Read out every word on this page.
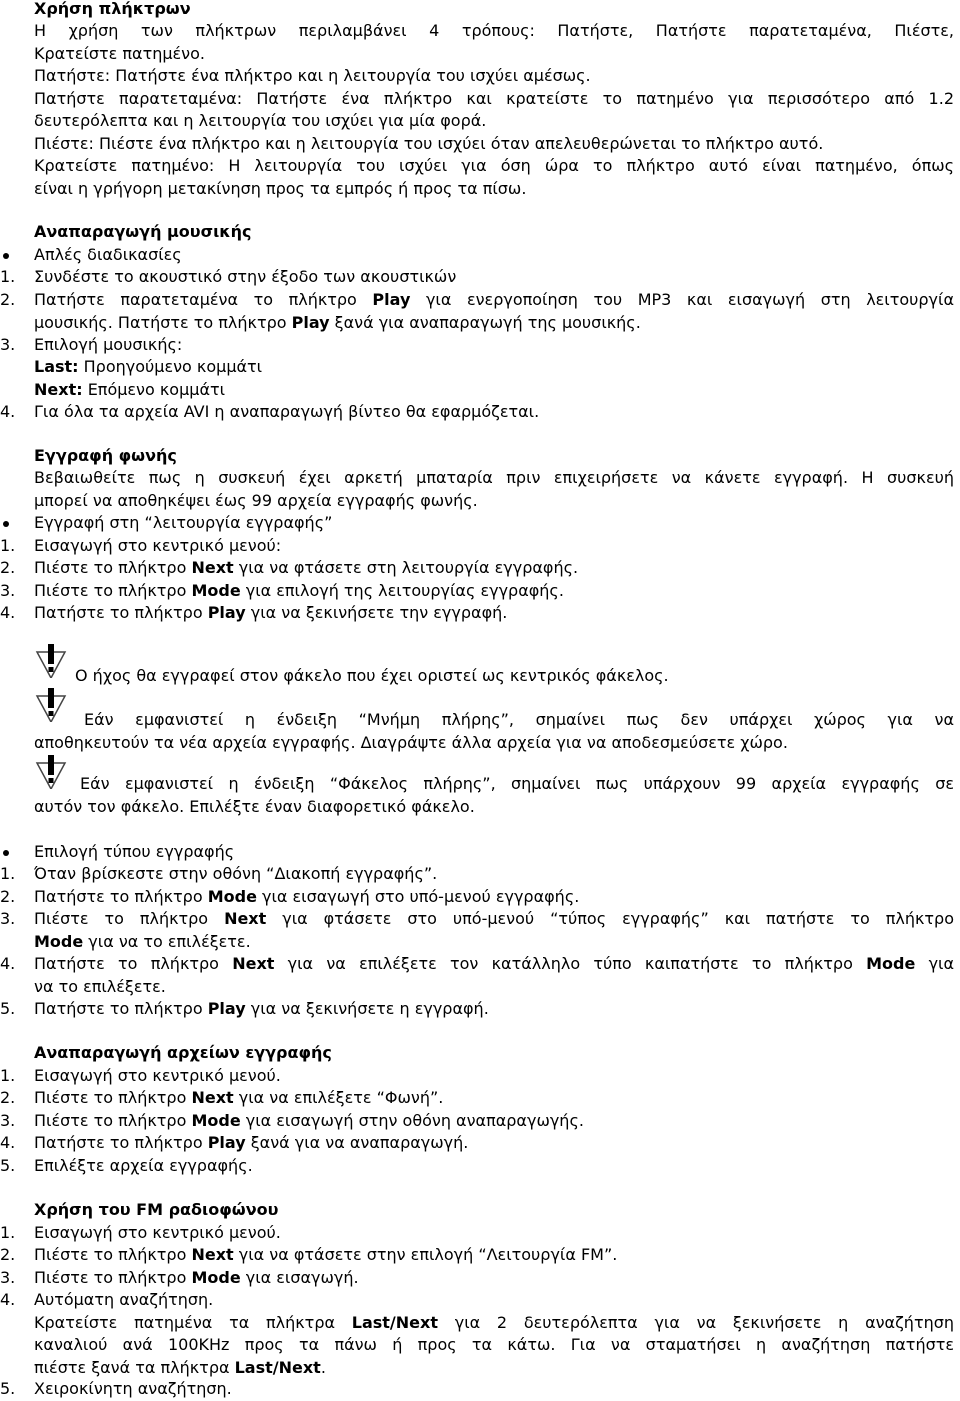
Χρήση πλήκτρων
Η χρήση των πλήκτρων περιλαμβάνει 4 τρόπους: Πατήστε, Πατήστε παρατεταμένα, Πιέστε,
Κρατείστε πατημένο.
Πατήστε: Πατήστε ένα πλήκτρο και η λειτουργία του ισχύει αμέσως.
Πατήστε παρατεταμένα: Πατήστε ένα πλήκτρο και κρατείστε το πατημένο για περισσότερο από 1.2
δευτερόλεπτα και η λειτουργία του ισχύει για μία φορά.
Πιέστε: Πιέστε ένα πλήκτρο και η λειτουργία του ισχύει όταν απελευθερώνεται το πλήκτρο αυτό.
Κρατείστε πατημένο: Η λειτουργία του ισχύει για όση ώρα το πλήκτρο αυτό είναι πατημένο, όπως
είναι η γρήγορη μετακίνηση προς τα εμπρός ή προς τα πίσω.
Αναπαραγωγή μουσικής
Απλές διαδικασίες
1.	Συνδέστε το ακουστικό στην έξοδο των ακουστικών
2.	Πατήστε παρατεταμένα το πλήκτρο Play για ενεργοποίηση του MP3 και εισαγωγή στη λειτουργία
μουσικής. Πατήστε το πλήκτρο Play ξανά για αναπαραγωγή της μουσικής.
3.	Επιλογή μουσικής:
Last: Προηγούμενο κομμάτι
Next: Επόμενο κομμάτι
4.	Για όλα τα αρχεία AVI η αναπαραγωγή βίντεο θα εφαρμόζεται.
Εγγραφή φωνής
Βεβαιωθείτε πως η συσκευή έχει αρκετή μπαταρία πριν επιχειρήσετε να κάνετε εγγραφή. Η συσκευή
μπορεί να αποθηκέψει έως 99 αρχεία εγγραφής φωνής.
Εγγραφή στη “λειτουργία εγγραφής”
1.	Εισαγωγή στο κεντρικό μενού:
2.	Πιέστε το πλήκτρο Next για να φτάσετε στη λειτουργία εγγραφής.
3.	Πιέστε το πλήκτρο Mode για επιλογή της λειτουργίας εγγραφής.
4.	Πατήστε το πλήκτρο Play για να ξεκινήσετε την εγγραφή.
Ο ήχος θα εγγραφεί στον φάκελο που έχει οριστεί ως κεντρικός φάκελος.
Εάν εμφανιστεί η ένδειξη “Μνήμη πλήρης”, σημαίνει πως δεν υπάρχει χώρος για να
αποθηκευτούν τα νέα αρχεία εγγραφής. Διαγράψτε άλλα αρχεία για να αποδεσμεύσετε χώρο.
Εάν εμφανιστεί η ένδειξη “Φάκελος πλήρης”, σημαίνει πως υπάρχουν 99 αρχεία εγγραφής σε
αυτόν τον φάκελο. Επιλέξτε έναν διαφορετικό φάκελο.
Επιλογή τύπου εγγραφής
1.	Όταν βρίσκεστε στην οθόνη “Διακοπή εγγραφής”.
2.	Πατήστε το πλήκτρο Mode για εισαγωγή στο υπό-μενού εγγραφής.
3.	Πιέστε το πλήκτρο Next για φτάσετε στο υπό-μενού “τύπος εγγραφής” και πατήστε το πλήκτρο
Mode για να το επιλέξετε.
4.	Πατήστε το πλήκτρο Next για να επιλέξετε τον κατάλληλο τύπο καιπατήστε το πλήκτρο Mode για
να το επιλέξετε.
5.	Πατήστε το πλήκτρο Play για να ξεκινήσετε η εγγραφή.
Αναπαραγωγή αρχείων εγγραφής
1.	Εισαγωγή στο κεντρικό μενού.
2.	Πιέστε το πλήκτρο Next για να επιλέξετε “Φωνή”.
3.	Πιέστε το πλήκτρο Mode για εισαγωγή στην οθόνη αναπαραγωγής.
4.	Πατήστε το πλήκτρο Play ξανά για να αναπαραγωγή.
5.	Επιλέξτε αρχεία εγγραφής.
Χρήση του FM ραδιοφώνου
1.	Εισαγωγή στο κεντρικό μενού.
2.	Πιέστε το πλήκτρο Next για να φτάσετε στην επιλογή “Λειτουργία FM”.
3.	Πιέστε το πλήκτρο Mode για εισαγωγή.
4.	Αυτόματη αναζήτηση.
Κρατείστε πατημένα τα πλήκτρα Last/Next για 2 δευτερόλεπτα για να ξεκινήσετε η αναζήτηση
καναλιού ανά 100KHz προς τα πάνω ή προς τα κάτω. Για να σταματήσει η αναζήτηση πατήστε
πιέστε ξανά τα πλήκτρα Last/Next.
5.	Χειροκίνητη αναζήτηση.
